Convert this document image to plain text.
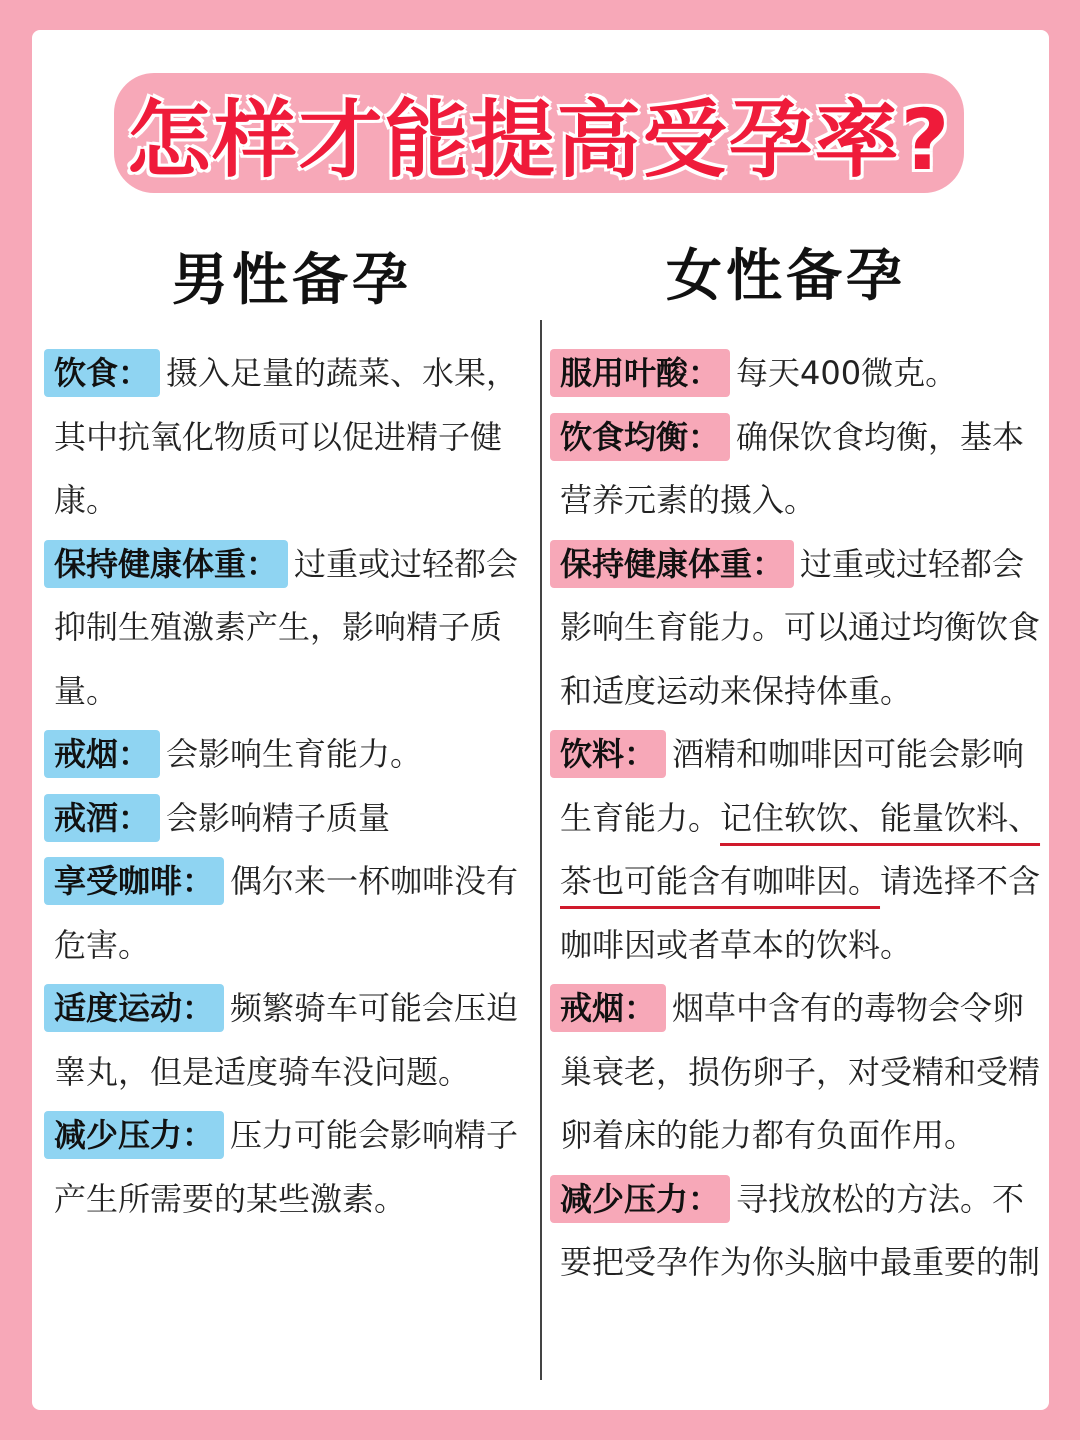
怎样才能提高受孕率?
男性备孕	女性备孕

饮食： 摄入足量的蔬菜、水果，其中抗氧化物质可以促进精子健康。

保持健康体重： 过重或过轻都会抑制生殖激素产生，影响精子质量。

戒烟： 会影响生育能力。

戒酒： 会影响精子质量

享受咖啡： 偶尔来一杯咖啡没有危害。

适度运动： 频繁骑车可能会压迫睾丸，但是适度骑车没问题。

减少压力： 压力可能会影响精子产生所需要的某些激素。

服用叶酸： 每天400微克。

饮食均衡： 确保饮食均衡，基本营养元素的摄入。

保持健康体重： 过重或过轻都会影响生育能力。可以通过均衡饮食和适度运动来保持体重。

饮料： 酒精和咖啡因可能会影响生育能力。记住软饮、能量饮料、茶也可能含有咖啡因。请选择不含咖啡因或者草本的饮料。

戒烟： 烟草中含有的毒物会令卵巢衰老，损伤卵子，对受精和受精卵着床的能力都有负面作用。

减少压力： 寻找放松的方法。不要把受孕作为你头脑中最重要的制
